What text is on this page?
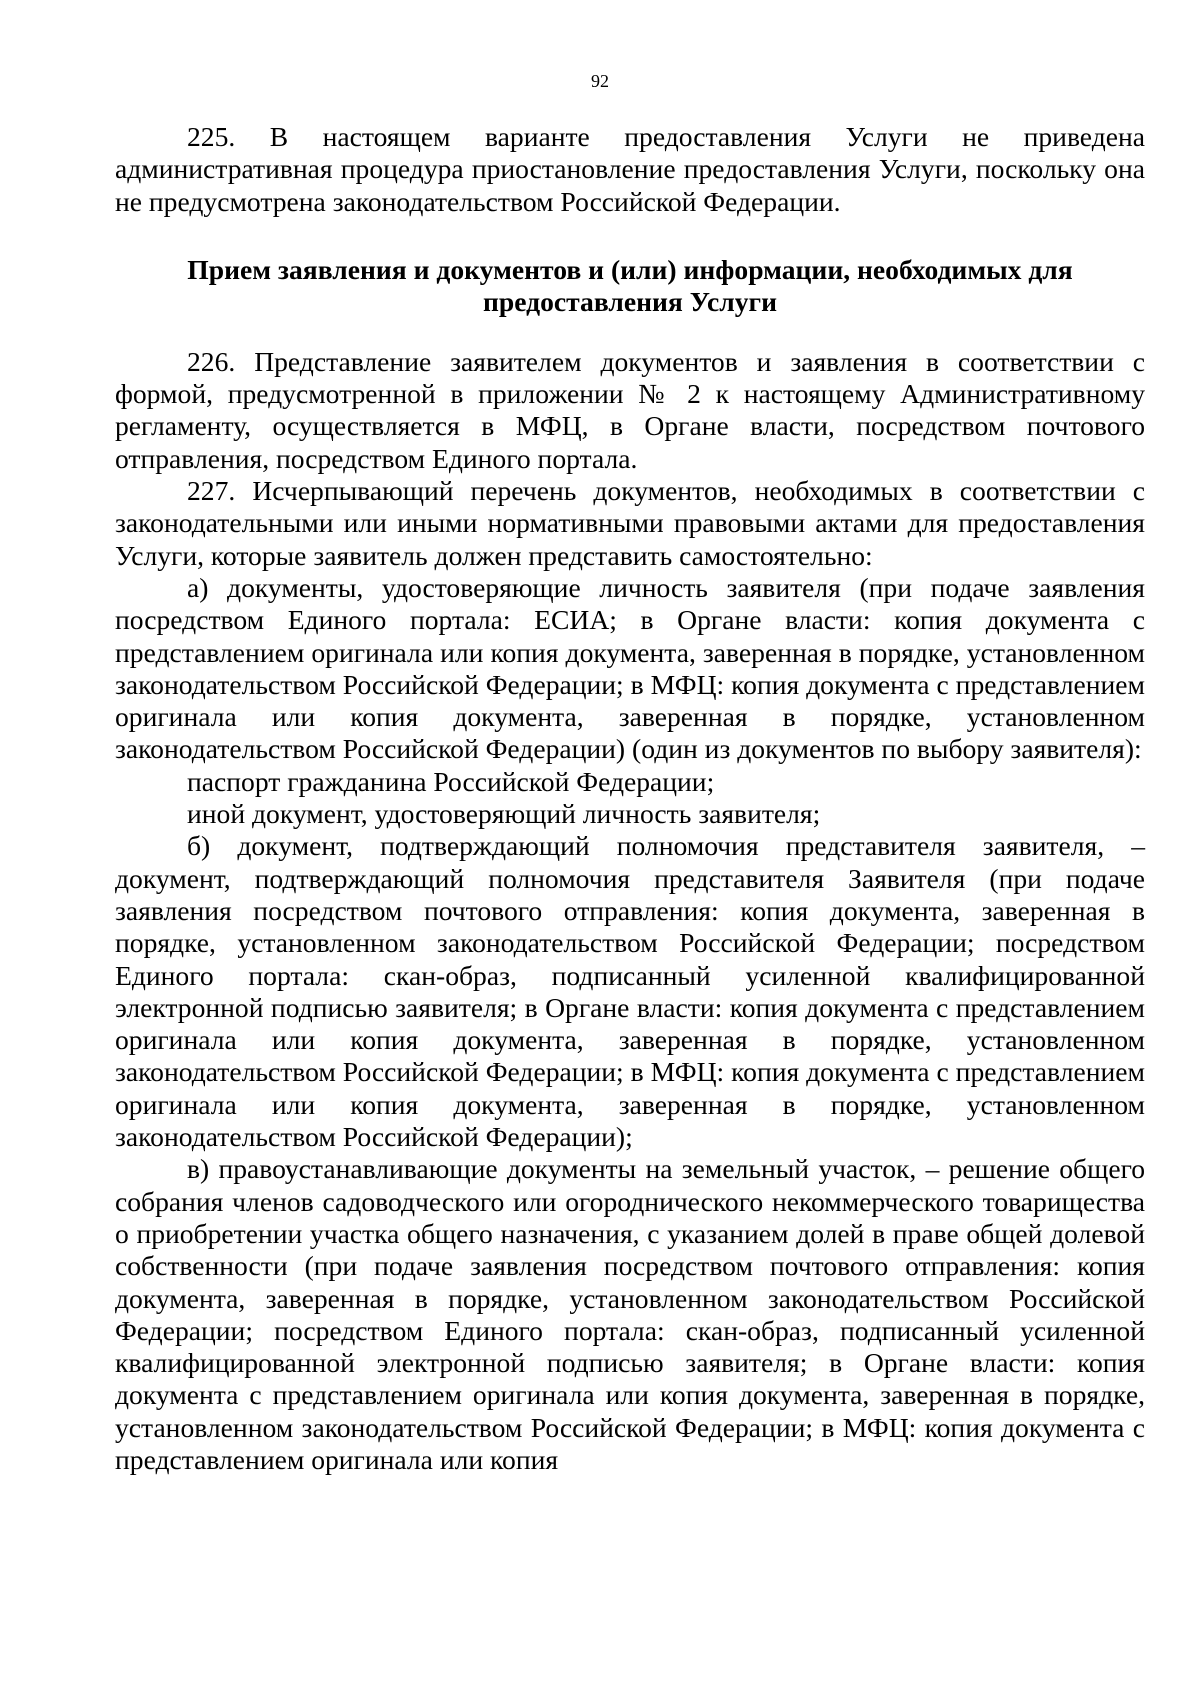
92

225. В настоящем варианте предоставления Услуги не приведена административная процедура приостановление предоставления Услуги, поскольку она не предусмотрена законодательством Российской Федерации.

Прием заявления и документов и (или) информации, необходимых для
предоставления Услуги

226. Представление заявителем документов и заявления в соответствии с формой, предусмотренной в приложении № 2 к настоящему Административному регламенту, осуществляется в МФЦ, в Органе власти, посредством почтового отправления, посредством Единого портала.

227. Исчерпывающий перечень документов, необходимых в соответствии с законодательными или иными нормативными правовыми актами для предоставления Услуги, которые заявитель должен представить самостоятельно:

а) документы, удостоверяющие личность заявителя (при подаче заявления посредством Единого портала: ЕСИА; в Органе власти: копия документа с представлением оригинала или копия документа, заверенная в порядке, установленном законодательством Российской Федерации; в МФЦ: копия документа с представлением оригинала или копия документа, заверенная в порядке, установленном законодательством Российской Федерации) (один из документов по выбору заявителя):

паспорт гражданина Российской Федерации;

иной документ, удостоверяющий личность заявителя;

б) документ, подтверждающий полномочия представителя заявителя, – документ, подтверждающий полномочия представителя Заявителя (при подаче заявления посредством почтового отправления: копия документа, заверенная в порядке, установленном законодательством Российской Федерации; посредством Единого портала: скан-образ, подписанный усиленной квалифицированной электронной подписью заявителя; в Органе власти: копия документа с представлением оригинала или копия документа, заверенная в порядке, установленном законодательством Российской Федерации; в МФЦ: копия документа с представлением оригинала или копия документа, заверенная в порядке, установленном законодательством Российской Федерации);

в) правоустанавливающие документы на земельный участок, – решение общего собрания членов садоводческого или огороднического некоммерческого товарищества о приобретении участка общего назначения, с указанием долей в праве общей долевой собственности (при подаче заявления посредством почтового отправления: копия документа, заверенная в порядке, установленном законодательством Российской Федерации; посредством Единого портала: скан-образ, подписанный усиленной квалифицированной электронной подписью заявителя; в Органе власти: копия документа с представлением оригинала или копия документа, заверенная в порядке, установленном законодательством Российской Федерации; в МФЦ: копия документа с представлением оригинала или копия
